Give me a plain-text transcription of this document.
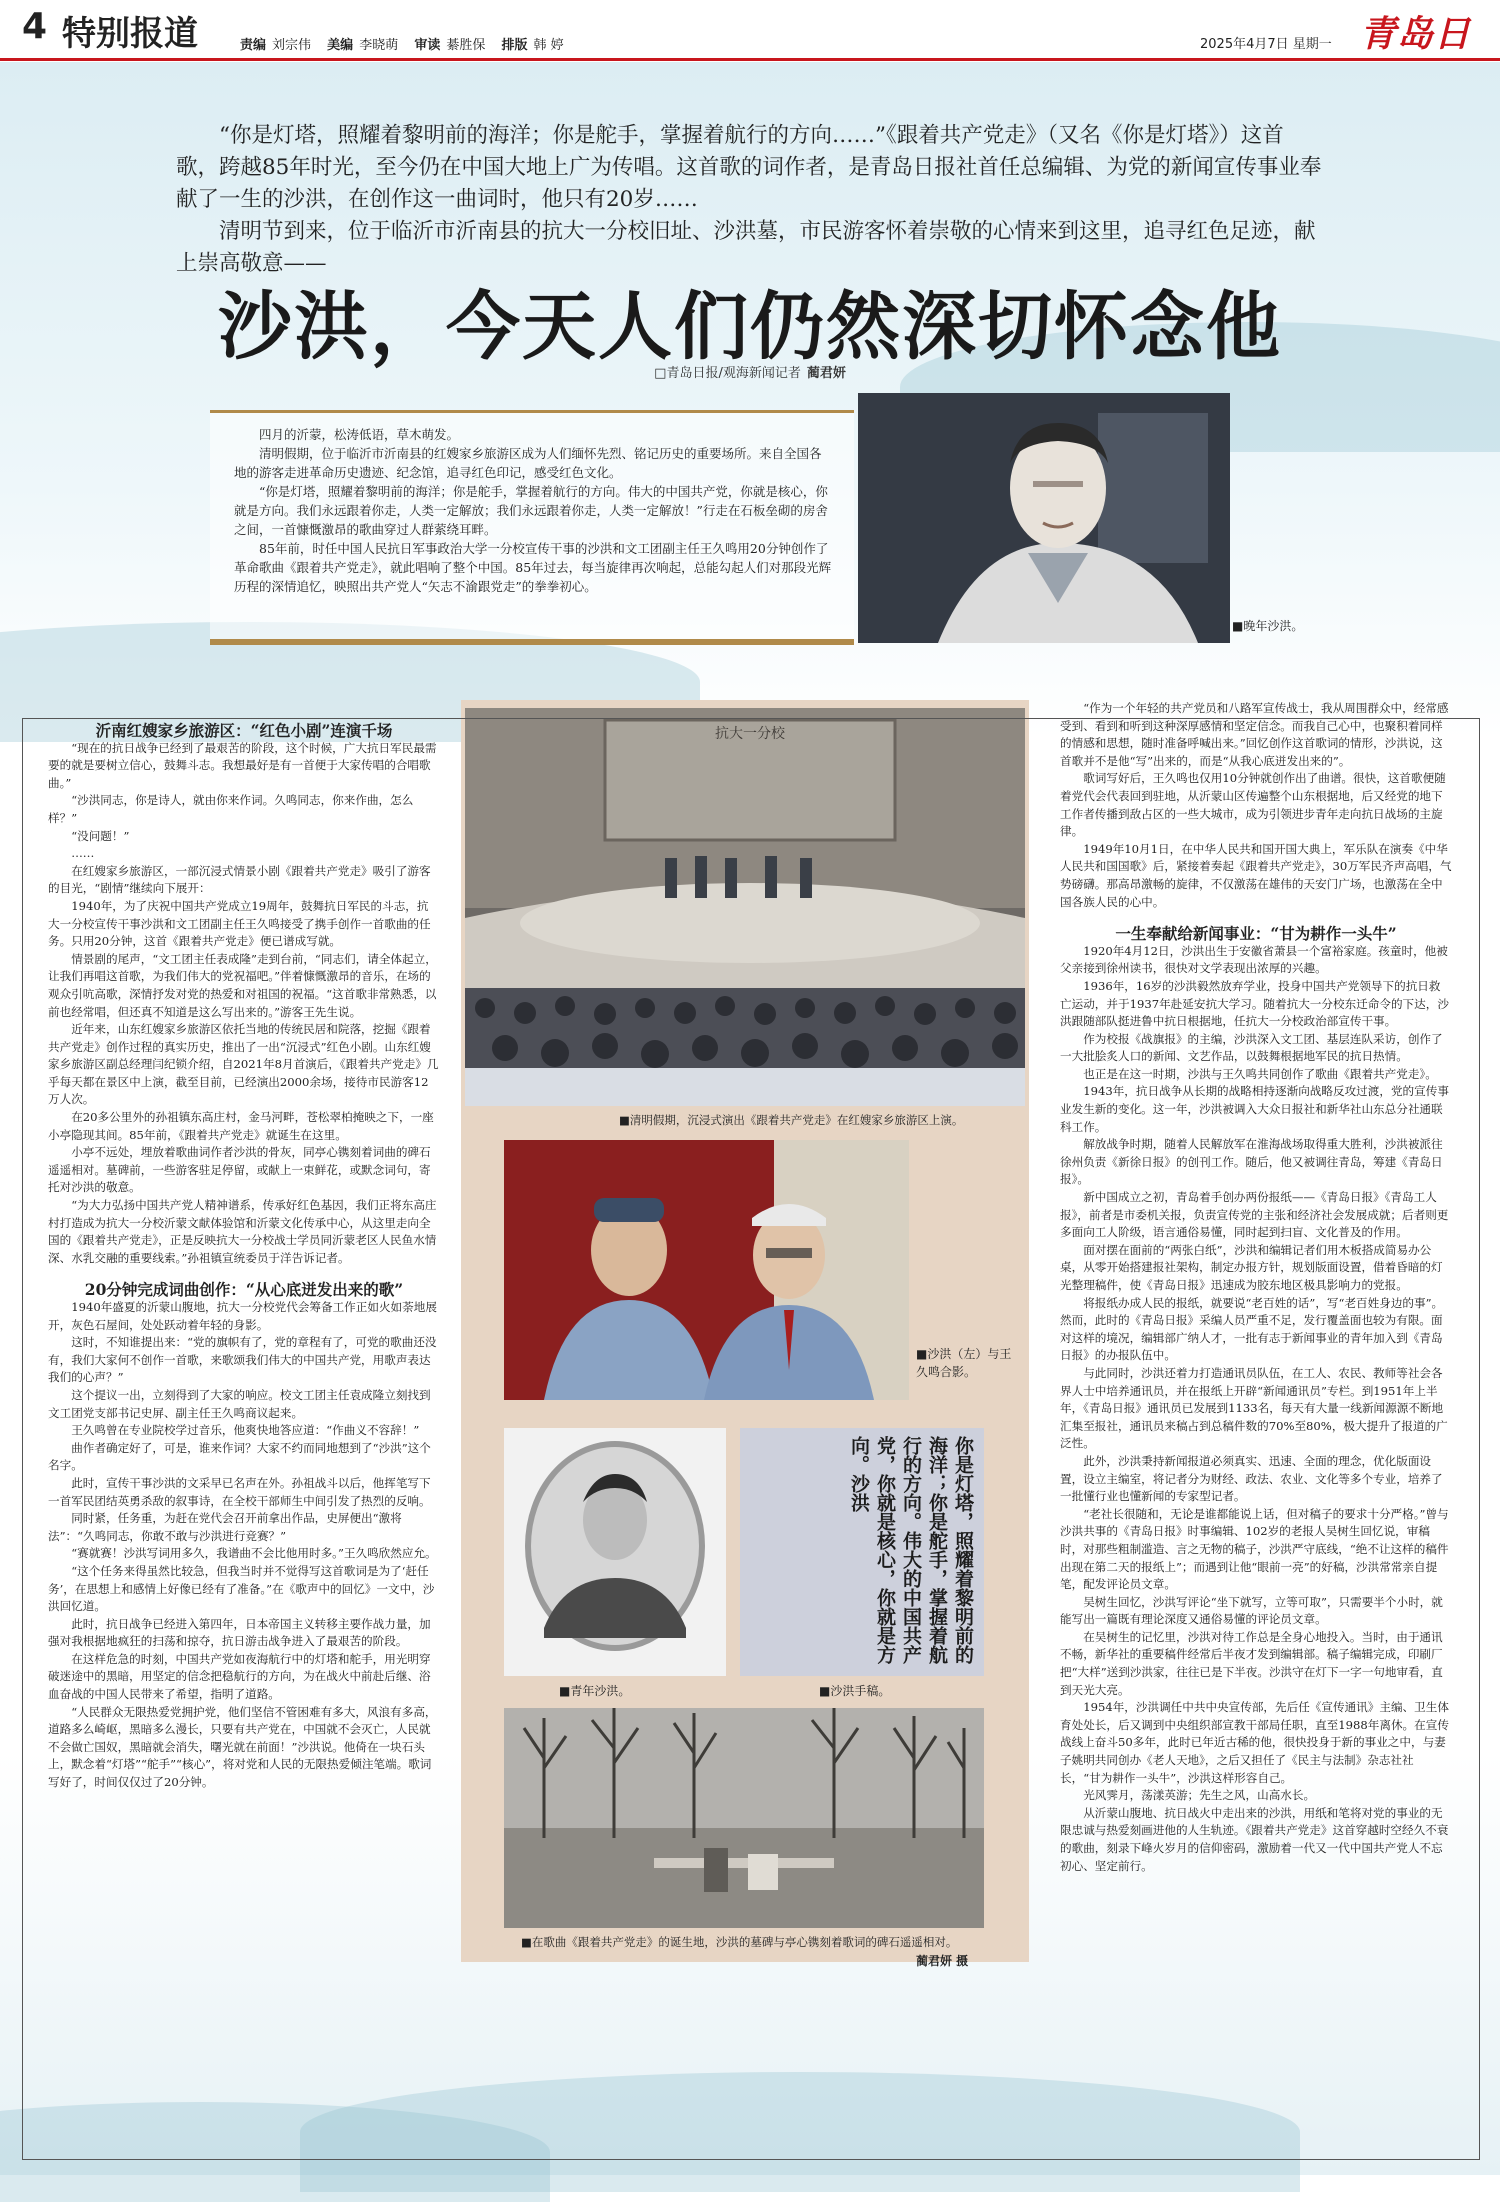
4 特别报道	责编 刘宗伟 美编 李晓萌 审读 綦胜保 排版 韩 婷	2025年4月7日 星期一 青岛日

“你是灯塔，照耀着黎明前的海洋；你是舵手，掌握着航行的方向……”《跟着共产党走》（又名《你是灯塔》）这首歌，跨越85年时光，至今仍在中国大地上广为传唱。这首歌的词作者，是青岛日报社首任总编辑、为党的新闻宣传事业奉献了一生的沙洪，在创作这一曲词时，他只有20岁……

清明节到来，位于临沂市沂南县的抗大一分校旧址、沙洪墓，市民游客怀着崇敬的心情来到这里，追寻红色足迹，献上崇高敬意——

沙洪，今天人们仍然深切怀念他
□青岛日报/观海新闻记者 蔺君妍

四月的沂蒙，松涛低语，草木萌发。

清明假期，位于临沂市沂南县的红嫂家乡旅游区成为人们缅怀先烈、铭记历史的重要场所。来自全国各地的游客走进革命历史遗迹、纪念馆，追寻红色印记，感受红色文化。

“你是灯塔，照耀着黎明前的海洋；你是舵手，掌握着航行的方向。伟大的中国共产党，你就是核心，你就是方向。我们永远跟着你走，人类一定解放；我们永远跟着你走，人类一定解放！”行走在石板垒砌的房舍之间，一首慷慨激昂的歌曲穿过人群萦绕耳畔。

85年前，时任中国人民抗日军事政治大学一分校宣传干事的沙洪和文工团副主任王久鸣用20分钟创作了革命歌曲《跟着共产党走》，就此唱响了整个中国。85年过去，每当旋律再次响起，总能勾起人们对那段光辉历程的深情追忆，映照出共产党人“矢志不渝跟党走”的拳拳初心。

■晚年沙洪。

沂南红嫂家乡旅游区：“红色小剧”连演千场

“现在的抗日战争已经到了最艰苦的阶段，这个时候，广大抗日军民最需要的就是要树立信心，鼓舞斗志。我想最好是有一首便于大家传唱的合唱歌曲。”

“沙洪同志，你是诗人，就由你来作词。久鸣同志，你来作曲，怎么样？”

“没问题！”

……

在红嫂家乡旅游区，一部沉浸式情景小剧《跟着共产党走》吸引了游客的目光，“剧情”继续向下展开：

1940年，为了庆祝中国共产党成立19周年，鼓舞抗日军民的斗志，抗大一分校宣传干事沙洪和文工团副主任王久鸣接受了携手创作一首歌曲的任务。只用20分钟，这首《跟着共产党走》便已谱成写就。

情景剧的尾声，“文工团主任表成隆”走到台前，“同志们，请全体起立，让我们再唱这首歌，为我们伟大的党祝福吧。”伴着慷慨激昂的音乐，在场的观众引吭高歌，深情抒发对党的热爱和对祖国的祝福。“这首歌非常熟悉，以前也经常唱，但还真不知道是这么写出来的。”游客王先生说。

近年来，山东红嫂家乡旅游区依托当地的传统民居和院落，挖掘《跟着共产党走》创作过程的真实历史，推出了一出“沉浸式”红色小剧。山东红嫂家乡旅游区副总经理闫纪锁介绍，自2021年8月首演后，《跟着共产党走》几乎每天都在景区中上演，截至目前，已经演出2000余场，接待市民游客12万人次。

在20多公里外的孙祖镇东高庄村，金马河畔，苍松翠柏掩映之下，一座小亭隐现其间。85年前，《跟着共产党走》就诞生在这里。

小亭不远处，埋放着歌曲词作者沙洪的骨灰，同亭心镌刻着词曲的碑石遥遥相对。墓碑前，一些游客驻足停留，或献上一束鲜花，或默念词句，寄托对沙洪的敬意。

“为大力弘扬中国共产党人精神谱系，传承好红色基因，我们正将东高庄村打造成为抗大一分校沂蒙文献体验馆和沂蒙文化传承中心，从这里走向全国的《跟着共产党走》，正是反映抗大一分校战士学员同沂蒙老区人民鱼水情深、水乳交融的重要线索。”孙祖镇宣统委员于洋告诉记者。

20分钟完成词曲创作：“从心底迸发出来的歌”

1940年盛夏的沂蒙山腹地，抗大一分校党代会筹备工作正如火如荼地展开，灰色石屋间，处处跃动着年轻的身影。

这时，不知谁提出来：“党的旗帜有了，党的章程有了，可党的歌曲还没有，我们大家何不创作一首歌，来歌颂我们伟大的中国共产党，用歌声表达我们的心声？”

这个提议一出，立刻得到了大家的响应。校文工团主任袁成隆立刻找到文工团党支部书记史屏、副主任王久鸣商议起来。

王久鸣曾在专业院校学过音乐，他爽快地答应道：“作曲义不容辞！”

曲作者确定好了，可是，谁来作词？大家不约而同地想到了“沙洪”这个名字。

此时，宣传干事沙洪的文采早已名声在外。孙祖战斗以后，他挥笔写下一首军民团结英勇杀敌的叙事诗，在全校干部师生中间引发了热烈的反响。

同时紧，任务重，为赶在党代会召开前拿出作品，史屏便出“激将法”：“久鸣同志，你敢不敢与沙洪进行竞赛？”

“赛就赛！沙洪写词用多久，我谱曲不会比他用时多。”王久鸣欣然应允。

“这个任务来得虽然比较急，但我当时并不觉得写这首歌词是为了‘赶任务’，在思想上和感情上好像已经有了准备。”在《歌声中的回忆》一文中，沙洪回忆道。

此时，抗日战争已经进入第四年，日本帝国主义转移主要作战力量，加强对我根据地疯狂的扫荡和掠夺，抗日游击战争进入了最艰苦的阶段。

在这样危急的时刻，中国共产党如夜海航行中的灯塔和舵手，用光明穿破迷途中的黑暗，用坚定的信念把稳航行的方向，为在战火中前赴后继、浴血奋战的中国人民带来了希望，指明了道路。

“人民群众无限热爱党拥护党，他们坚信不管困难有多大，风浪有多高，道路多么崎岖，黑暗多么漫长，只要有共产党在，中国就不会灭亡，人民就不会做亡国奴，黑暗就会消失，曙光就在前面！”沙洪说。他倚在一块石头上，默念着“灯塔”“舵手”“核心”，将对党和人民的无限热爱倾注笔端。歌词写好了，时间仅仅过了20分钟。

抗大一分校
■清明假期，沉浸式演出《跟着共产党走》在红嫂家乡旅游区上演。
■沙洪（左）与王久鸣合影。
■青年沙洪。
你是灯塔，照耀着黎明前的海洋；你是舵手，掌握着航行的方向。伟大的中国共产党，你就是核心，你就是方向。沙洪
■沙洪手稿。
■在歌曲《跟着共产党走》的诞生地，沙洪的墓碑与亭心镌刻着歌词的碑石遥遥相对。
蔺君妍 摄

“作为一个年轻的共产党员和八路军宣传战士，我从周围群众中，经常感受到、看到和听到这种深厚感情和坚定信念。而我自己心中，也聚积着同样的情感和思想，随时准备呼喊出来。”回忆创作这首歌词的情形，沙洪说，这首歌并不是他“写”出来的，而是“从我心底迸发出来的”。

歌词写好后，王久鸣也仅用10分钟就创作出了曲谱。很快，这首歌便随着党代会代表回到驻地，从沂蒙山区传遍整个山东根据地，后又经党的地下工作者传播到敌占区的一些大城市，成为引领进步青年走向抗日战场的主旋律。

1949年10月1日，在中华人民共和国开国大典上，军乐队在演奏《中华人民共和国国歌》后，紧接着奏起《跟着共产党走》，30万军民齐声高唱，气势磅礴。那高昂激畅的旋律，不仅激荡在雄伟的天安门广场，也激荡在全中国各族人民的心中。

一生奉献给新闻事业：“甘为耕作一头牛”

1920年4月12日，沙洪出生于安徽省萧县一个富裕家庭。孩童时，他被父亲接到徐州读书，很快对文学表现出浓厚的兴趣。

1936年，16岁的沙洪毅然放弃学业，投身中国共产党领导下的抗日救亡运动，并于1937年赴延安抗大学习。随着抗大一分校东迁命令的下达，沙洪跟随部队挺进鲁中抗日根据地，任抗大一分校政治部宣传干事。

作为校报《战旗报》的主编，沙洪深入文工团、基层连队采访，创作了一大批脍炙人口的新闻、文艺作品，以鼓舞根据地军民的抗日热情。

也正是在这一时期，沙洪与王久鸣共同创作了歌曲《跟着共产党走》。

1943年，抗日战争从长期的战略相持逐渐向战略反攻过渡，党的宣传事业发生新的变化。这一年，沙洪被调入大众日报社和新华社山东总分社通联科工作。

解放战争时期，随着人民解放军在淮海战场取得重大胜利，沙洪被派往徐州负责《新徐日报》的创刊工作。随后，他又被调往青岛，筹建《青岛日报》。

新中国成立之初，青岛着手创办两份报纸——《青岛日报》《青岛工人报》，前者是市委机关报，负责宣传党的主张和经济社会发展成就；后者则更多面向工人阶级，语言通俗易懂，同时起到扫盲、文化普及的作用。

面对摆在面前的“两张白纸”，沙洪和编辑记者们用木板搭成简易办公桌，从零开始搭建报社架构，制定办报方针，规划版面设置，借着昏暗的灯光整理稿件，使《青岛日报》迅速成为胶东地区极具影响力的党报。

将报纸办成人民的报纸，就要说“老百姓的话”，写“老百姓身边的事”。然而，此时的《青岛日报》采编人员严重不足，发行覆盖面也较为有限。面对这样的境况，编辑部广纳人才，一批有志于新闻事业的青年加入到《青岛日报》的办报队伍中。

与此同时，沙洪还着力打造通讯员队伍，在工人、农民、教师等社会各界人士中培养通讯员，并在报纸上开辟“新闻通讯员”专栏。到1951年上半年，《青岛日报》通讯员已发展到1133名，每天有大量一线新闻源源不断地汇集至报社，通讯员来稿占到总稿件数的70%至80%，极大提升了报道的广泛性。

此外，沙洪秉持新闻报道必须真实、迅速、全面的理念，优化版面设置，设立主编室，将记者分为财经、政法、农业、文化等多个专业，培养了一批懂行业也懂新闻的专家型记者。

“老社长很随和，无论是谁都能说上话，但对稿子的要求十分严格。”曾与沙洪共事的《青岛日报》时事编辑、102岁的老报人吴树生回忆说，审稿时，对那些粗制滥造、言之无物的稿子，沙洪严守底线，“绝不让这样的稿件出现在第二天的报纸上”；而遇到让他“眼前一亮”的好稿，沙洪常常亲自提笔，配发评论员文章。

吴树生回忆，沙洪写评论“坐下就写，立等可取”，只需要半个小时，就能写出一篇既有理论深度又通俗易懂的评论员文章。

在吴树生的记忆里，沙洪对待工作总是全身心地投入。当时，由于通讯不畅，新华社的重要稿件经常后半夜才发到编辑部。稿子编辑完成，印刷厂把“大样”送到沙洪家，往往已是下半夜。沙洪守在灯下一字一句地审看，直到天光大亮。

1954年，沙洪调任中共中央宣传部，先后任《宣传通讯》主编、卫生体育处处长，后又调到中央组织部宣教干部局任职，直至1988年离休。在宣传战线上奋斗50多年，此时已年近古稀的他，很快投身于新的事业之中，与妻子姚明共同创办《老人天地》，之后又担任了《民主与法制》杂志社社长，“甘为耕作一头牛”，沙洪这样形容自己。

光风霁月，荡漾英游；先生之风，山高水长。

从沂蒙山腹地、抗日战火中走出来的沙洪，用纸和笔将对党的事业的无限忠诚与热爱刻画进他的人生轨迹。《跟着共产党走》这首穿越时空经久不衰的歌曲，刻录下峰火岁月的信仰密码，激励着一代又一代中国共产党人不忘初心、坚定前行。
